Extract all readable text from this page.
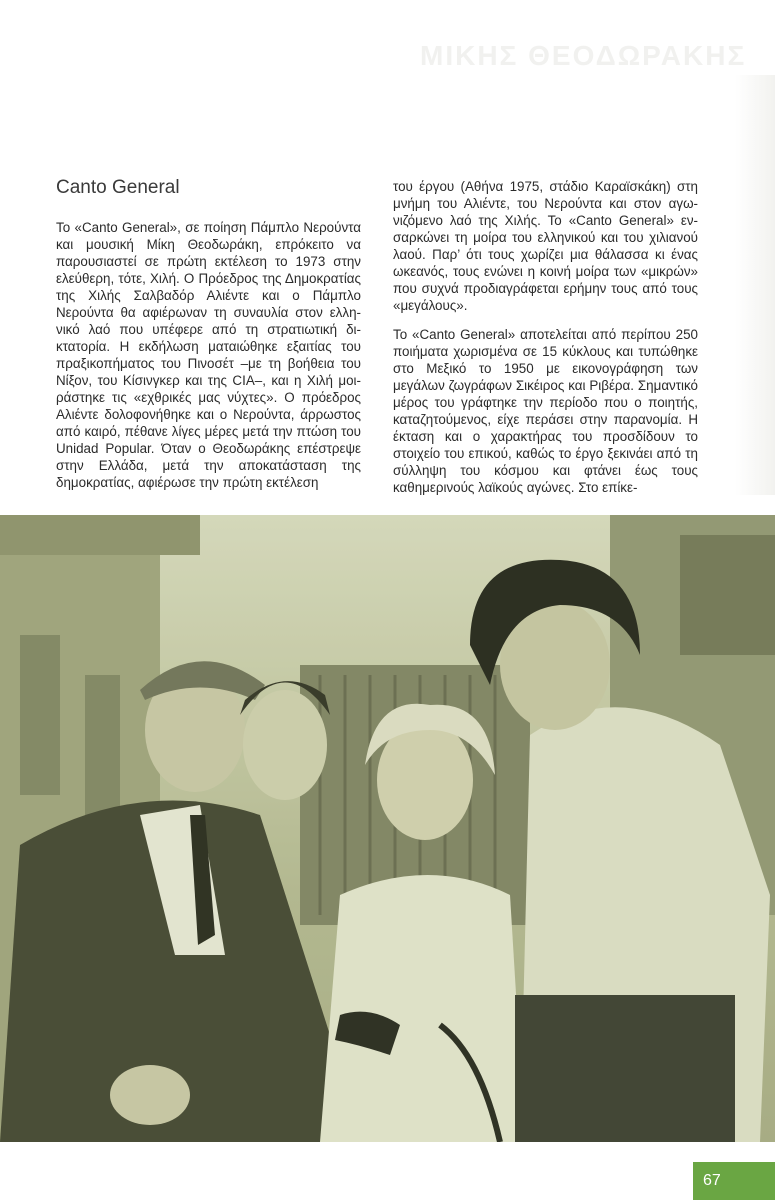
ΜΙΚΗΣ ΘΕΟΔΩΡΑΚΗΣ
Canto General

Το «Canto General», σε ποίηση Πάμπλο Νερούντα και μουσική Μίκη Θεοδωράκη, επρόκειτο να παρουσιαστεί σε πρώτη εκτέλεση το 1973 στην ελεύθερη, τότε, Χιλή. Ο Πρόεδρος της Δημοκρατίας της Χιλής Σαλβαδόρ Αλιέντε και ο Πάμπλο Νερούντα θα αφιέρωναν τη συναυλία στον ελληνικό λαό που υπέφερε από τη στρατιωτική δικτατορία. Η εκδήλωση ματαιώθηκε εξαιτίας του πραξικοπήματος του Πινοσέτ –με τη βοήθεια του Νίξον, του Κίσινγκερ και της CIA–, και η Χιλή μοιράστηκε τις «εχθρικές μας νύχτες». Ο πρόεδρος Αλιέντε δολοφονήθηκε και ο Νερούντα, άρρωστος από καιρό, πέθανε λίγες μέρες μετά την πτώση του Unidad Popular. Όταν ο Θεοδωράκης επέστρεψε στην Ελλάδα, μετά την αποκατάσταση της δημοκρατίας, αφιέρωσε την πρώτη εκτέλεση

του έργου (Αθήνα 1975, στάδιο Καραϊσκάκη) στη μνήμη του Αλιέντε, του Νερούντα και στον αγωνιζόμενο λαό της Χιλής. Το «Canto General» ενσαρκώνει τη μοίρα του ελληνικού και του χιλιανού λαού. Παρ’ ότι τους χωρίζει μια θάλασσα κι ένας ωκεανός, τους ενώνει η κοινή μοίρα των «μικρών» που συχνά προδιαγράφεται ερήμην τους από τους «μεγάλους».

Το «Canto General» αποτελείται από περίπου 250 ποιήματα χωρισμένα σε 15 κύκλους και τυπώθηκε στο Μεξικό το 1950 με εικονογράφηση των μεγάλων ζωγράφων Σικέιρος και Ριβέρα. Σημαντικό μέρος του γράφτηκε την περίοδο που ο ποιητής, καταζητούμενος, είχε περάσει στην παρανομία. Η έκταση και ο χαρακτήρας του προσδίδουν το στοιχείο του επικού, καθώς το έργο ξεκινάει από τη σύλληψη του κόσμου και φτάνει έως τους καθημερινούς λαϊκούς αγώνες. Στο επίκε-

67
